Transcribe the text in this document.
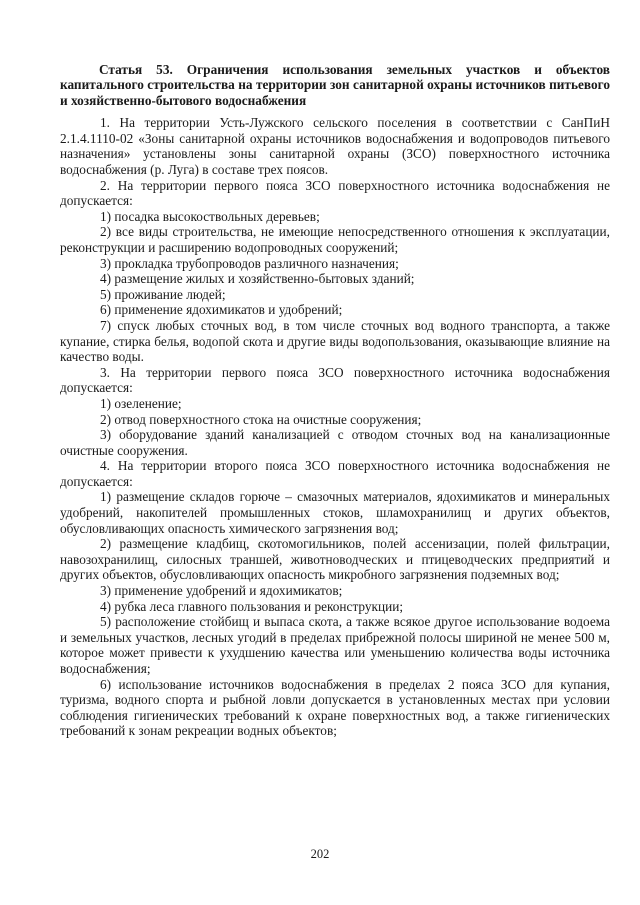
Статья 53. Ограничения использования земельных участков и объектов капитального строительства на территории зон санитарной охраны источников питьевого и хозяйственно-бытового водоснабжения

1. На территории Усть-Лужского сельского поселения в соответствии с СанПиН 2.1.4.1110-02 «Зоны санитарной охраны источников водоснабжения и водопроводов питьевого назначения» установлены зоны санитарной охраны (ЗСО) поверхностного источника водоснабжения (р. Луга) в составе трех поясов.

2. На территории первого пояса ЗСО поверхностного источника водоснабжения не допускается:

1) посадка высокоствольных деревьев;

2) все виды строительства, не имеющие непосредственного отношения к эксплуатации, реконструкции и расширению водопроводных сооружений;

3) прокладка трубопроводов различного назначения;

4) размещение жилых и хозяйственно-бытовых зданий;

5) проживание людей;

6) применение ядохимикатов и удобрений;

7) спуск любых сточных вод, в том числе сточных вод водного транспорта, а также купание, стирка белья, водопой скота и другие виды водопользования, оказывающие влияние на качество воды.

3. На территории первого пояса ЗСО поверхностного источника водоснабжения допускается:

1) озеленение;

2) отвод поверхностного стока на очистные сооружения;

3) оборудование зданий канализацией с отводом сточных вод на канализационные очистные сооружения.

4. На территории второго пояса ЗСО поверхностного источника водоснабжения не допускается:

1) размещение складов горюче – смазочных материалов, ядохимикатов и минеральных удобрений, накопителей промышленных стоков, шламохранилищ и других объектов, обусловливающих опасность химического загрязнения вод;

2) размещение кладбищ, скотомогильников, полей ассенизации, полей фильтрации, навозохранилищ, силосных траншей, животноводческих и птицеводческих предприятий и других объектов, обусловливающих опасность микробного загрязнения подземных вод;

3) применение удобрений и ядохимикатов;

4) рубка леса главного пользования и реконструкции;

5) расположение стойбищ и выпаса скота, а также всякое другое использование водоема и земельных участков, лесных угодий в пределах прибрежной полосы шириной не менее 500 м, которое может привести к ухудшению качества или уменьшению количества воды источника водоснабжения;

6) использование источников водоснабжения в пределах 2 пояса ЗСО для купания, туризма, водного спорта и рыбной ловли допускается в установленных местах при условии соблюдения гигиенических требований к охране поверхностных вод, а также гигиенических требований к зонам рекреации водных объектов;

202
